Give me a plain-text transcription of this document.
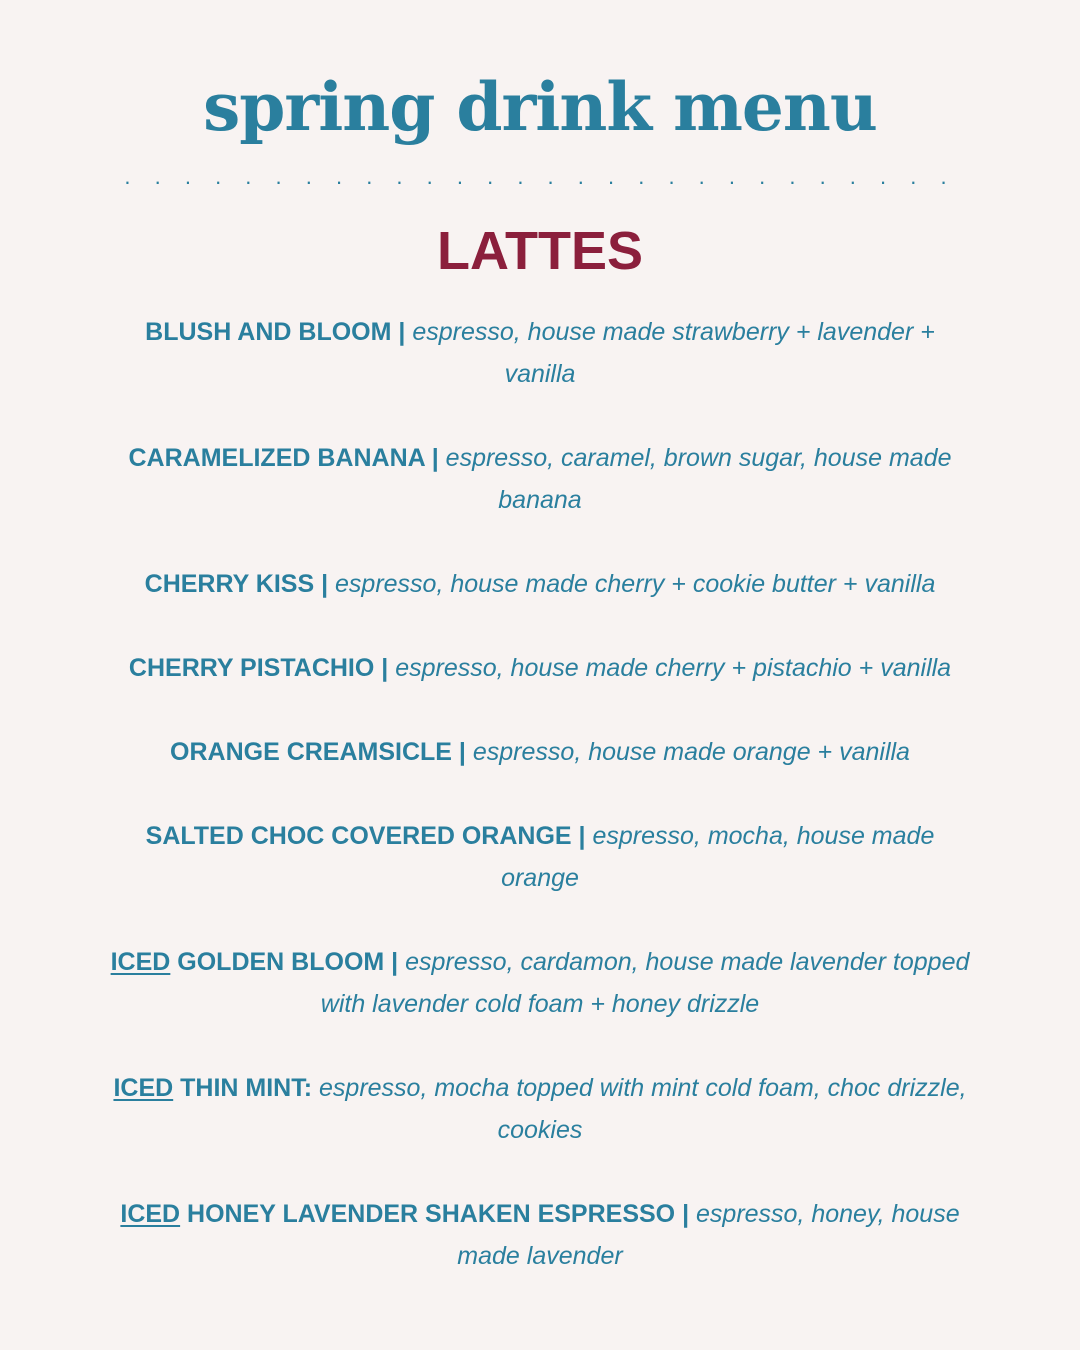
spring drink menu
. . . . . . . . . . . . . . . . . . . . . . . . . . . .
LATTES

BLUSH AND BLOOM | espresso, house made strawberry + lavender + vanilla

CARAMELIZED BANANA | espresso, caramel, brown sugar, house made banana

CHERRY KISS | espresso, house made cherry + cookie butter + vanilla

CHERRY PISTACHIO | espresso, house made cherry + pistachio + vanilla

ORANGE CREAMSICLE | espresso, house made orange + vanilla

SALTED CHOC COVERED ORANGE | espresso, mocha, house made orange

ICED GOLDEN BLOOM | espresso, cardamon, house made lavender topped with lavender cold foam + honey drizzle

ICED THIN MINT: espresso, mocha topped with mint cold foam, choc drizzle, cookies

ICED HONEY LAVENDER SHAKEN ESPRESSO | espresso, honey, house made lavender
